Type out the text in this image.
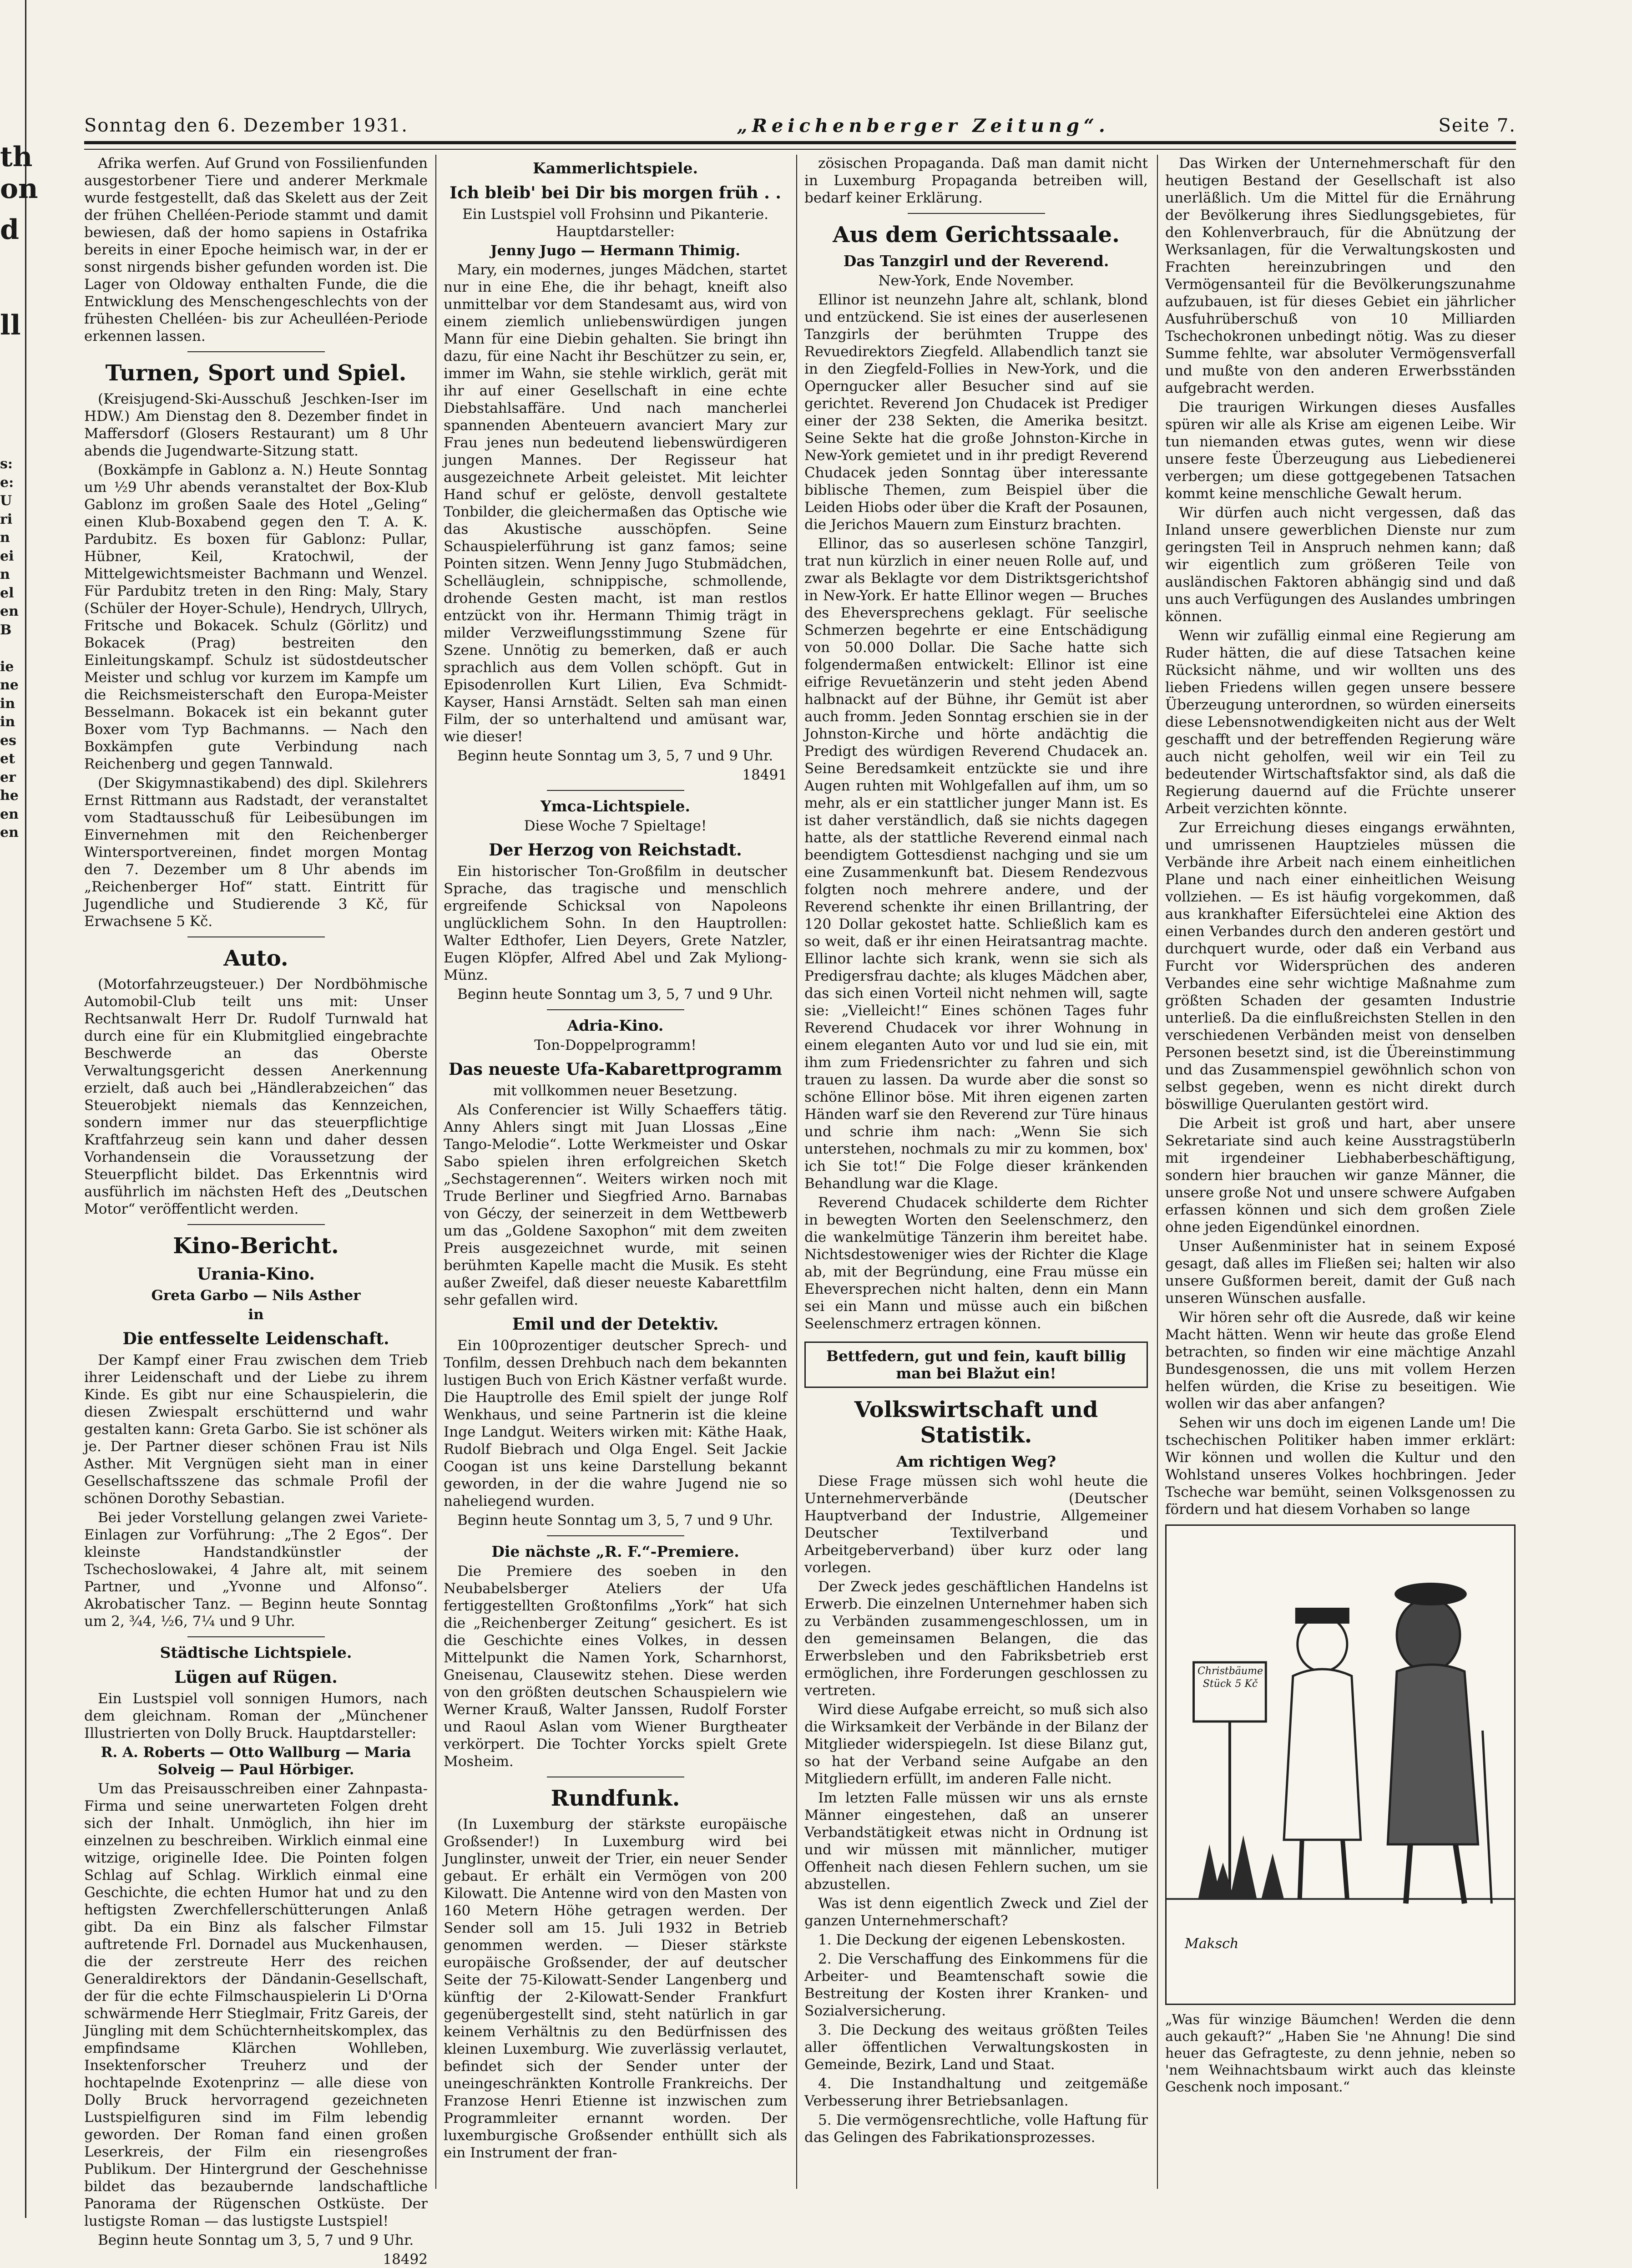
th
on
d

ll
s:
e:
U
ri
n
ei
n
el
en
B

ie
ne
in
in
es
et
er
he
en
en
Sonntag den 6. Dezember 1931.	„Reichenberger Zeitung“.	Seite 7.

Afrika werfen. Auf Grund von Fossilienfunden ausgestorbener Tiere und anderer Merkmale wurde festgestellt, daß das Skelett aus der Zeit der frühen Chelléen-Periode stammt und damit bewiesen, daß der homo sapiens in Ostafrika bereits in einer Epoche heimisch war, in der er sonst nirgends bisher gefunden worden ist. Die Lager von Oldoway enthalten Funde, die die Entwicklung des Menschengeschlechts von der frühesten Chelléen- bis zur Acheulléen-Periode erkennen lassen.

Turnen, Sport und Spiel.

(Kreisjugend-Ski-Ausschuß Jeschken-Iser im HDW.) Am Dienstag den 8. Dezember findet in Maffersdorf (Glosers Restaurant) um 8 Uhr abends die Jugendwarte-Sitzung statt.

(Boxkämpfe in Gablonz a. N.) Heute Sonntag um ½9 Uhr abends veranstaltet der Box-Klub Gablonz im großen Saale des Hotel „Geling“ einen Klub-Boxabend gegen den T. A. K. Pardubitz. Es boxen für Gablonz: Pullar, Hübner, Keil, Kratochwil, der Mittelgewichtsmeister Bachmann und Wenzel. Für Pardubitz treten in den Ring: Maly, Stary (Schüler der Hoyer-Schule), Hendrych, Ullrych, Fritsche und Bokacek. Schulz (Görlitz) und Bokacek (Prag) bestreiten den Einleitungskampf. Schulz ist südostdeutscher Meister und schlug vor kurzem im Kampfe um die Reichsmeisterschaft den Europa-Meister Besselmann. Bokacek ist ein bekannt guter Boxer vom Typ Bachmanns. — Nach den Boxkämpfen gute Verbindung nach Reichenberg und gegen Tannwald.

(Der Skigymnastikabend) des dipl. Skilehrers Ernst Rittmann aus Radstadt, der veranstaltet vom Stadtausschuß für Leibesübungen im Einvernehmen mit den Reichenberger Wintersportvereinen, findet morgen Montag den 7. Dezember um 8 Uhr abends im „Reichenberger Hof“ statt. Eintritt für Jugendliche und Studierende 3 Kč, für Erwachsene 5 Kč.

Auto.

(Motorfahrzeugsteuer.) Der Nordböhmische Automobil-Club teilt uns mit: Unser Rechtsanwalt Herr Dr. Rudolf Turnwald hat durch eine für ein Klubmitglied eingebrachte Beschwerde an das Oberste Verwaltungsgericht dessen Anerkennung erzielt, daß auch bei „Händlerabzeichen“ das Steuerobjekt niemals das Kennzeichen, sondern immer nur das steuerpflichtige Kraftfahrzeug sein kann und daher dessen Vorhandensein die Voraussetzung der Steuerpflicht bildet. Das Erkenntnis wird ausführlich im nächsten Heft des „Deutschen Motor“ veröffentlicht werden.

Kino-Bericht.
Urania-Kino.

Greta Garbo — Nils Asther

in

Die entfesselte Leidenschaft.

Der Kampf einer Frau zwischen dem Trieb ihrer Leidenschaft und der Liebe zu ihrem Kinde. Es gibt nur eine Schauspielerin, die diesen Zwiespalt erschütternd und wahr gestalten kann: Greta Garbo. Sie ist schöner als je. Der Partner dieser schönen Frau ist Nils Asther. Mit Vergnügen sieht man in einer Gesellschaftsszene das schmale Profil der schönen Dorothy Sebastian.

Bei jeder Vorstellung gelangen zwei Variete-Einlagen zur Vorführung: „The 2 Egos“. Der kleinste Handstandkünstler der Tschechoslowakei, 4 Jahre alt, mit seinem Partner, und „Yvonne und Alfonso“. Akrobatischer Tanz. — Beginn heute Sonntag um 2, ¾4, ½6, 7¼ und 9 Uhr.

Städtische Lichtspiele.
Lügen auf Rügen.

Ein Lustspiel voll sonnigen Humors, nach dem gleichnam. Roman der „Münchener Illustrierten von Dolly Bruck. Hauptdarsteller:

R. A. Roberts — Otto Wallburg — Maria Solveig — Paul Hörbiger.

Um das Preisausschreiben einer Zahnpasta-Firma und seine unerwarteten Folgen dreht sich der Inhalt. Unmöglich, ihn hier im einzelnen zu beschreiben. Wirklich einmal eine witzige, originelle Idee. Die Pointen folgen Schlag auf Schlag. Wirklich einmal eine Geschichte, die echten Humor hat und zu den heftigsten Zwerchfellerschütterungen Anlaß gibt. Da ein Binz als falscher Filmstar auftretende Frl. Dornadel aus Muckenhausen, die der zerstreute Herr des reichen Generaldirektors der Dändanin-Gesellschaft, der für die echte Filmschauspielerin Li D'Orna schwärmende Herr Stieglmair, Fritz Gareis, der Jüngling mit dem Schüchternheitskomplex, das empfindsame Klärchen Wohlleben, Insektenforscher Treuherz und der hochtapelnde Exotenprinz — alle diese von Dolly Bruck hervorragend gezeichneten Lustspielfiguren sind im Film lebendig geworden. Der Roman fand einen großen Leserkreis, der Film ein riesengroßes Publikum. Der Hintergrund der Geschehnisse bildet das bezaubernde landschaftliche Panorama der Rügenschen Ostküste. Der lustigste Roman — das lustigste Lustspiel!

Beginn heute Sonntag um 3, 5, 7 und 9 Uhr.

18492

Kammerlichtspiele.
Ich bleib' bei Dir bis morgen früh . .

Ein Lustspiel voll Frohsinn und Pikanterie. Hauptdarsteller:

Jenny Jugo — Hermann Thimig.

Mary, ein modernes, junges Mädchen, startet nur in eine Ehe, die ihr behagt, kneift also unmittelbar vor dem Standesamt aus, wird von einem ziemlich unliebenswürdigen jungen Mann für eine Diebin gehalten. Sie bringt ihn dazu, für eine Nacht ihr Beschützer zu sein, er, immer im Wahn, sie stehle wirklich, gerät mit ihr auf einer Gesellschaft in eine echte Diebstahlsaffäre. Und nach mancherlei spannenden Abenteuern avanciert Mary zur Frau jenes nun bedeutend liebenswürdigeren jungen Mannes. Der Regisseur hat ausgezeichnete Arbeit geleistet. Mit leichter Hand schuf er gelöste, denvoll gestaltete Tonbilder, die gleichermaßen das Optische wie das Akustische ausschöpfen. Seine Schauspielerführung ist ganz famos; seine Pointen sitzen. Wenn Jenny Jugo Stubmädchen, Schelläuglein, schnippische, schmollende, drohende Gesten macht, ist man restlos entzückt von ihr. Hermann Thimig trägt in milder Verzweiflungsstimmung Szene für Szene. Unnötig zu bemerken, daß er auch sprachlich aus dem Vollen schöpft. Gut in Episodenrollen Kurt Lilien, Eva Schmidt-Kayser, Hansi Arnstädt. Selten sah man einen Film, der so unterhaltend und amüsant war, wie dieser!

Beginn heute Sonntag um 3, 5, 7 und 9 Uhr.

18491

Ymca-Lichtspiele.

Diese Woche 7 Spieltage!

Der Herzog von Reichstadt.

Ein historischer Ton-Großfilm in deutscher Sprache, das tragische und menschlich ergreifende Schicksal von Napoleons unglücklichem Sohn. In den Hauptrollen: Walter Edthofer, Lien Deyers, Grete Natzler, Eugen Klöpfer, Alfred Abel und Zak Myliong-Münz.

Beginn heute Sonntag um 3, 5, 7 und 9 Uhr.

Adria-Kino.

Ton-Doppelprogramm!

Das neueste Ufa-Kabarettprogramm

mit vollkommen neuer Besetzung.

Als Conferencier ist Willy Schaeffers tätig. Anny Ahlers singt mit Juan Llossas „Eine Tango-Melodie“. Lotte Werkmeister und Oskar Sabo spielen ihren erfolgreichen Sketch „Sechstagerennen“. Weiters wirken noch mit Trude Berliner und Siegfried Arno. Barnabas von Géczy, der seinerzeit in dem Wettbewerb um das „Goldene Saxophon“ mit dem zweiten Preis ausgezeichnet wurde, mit seinen berühmten Kapelle macht die Musik. Es steht außer Zweifel, daß dieser neueste Kabarettfilm sehr gefallen wird.

Emil und der Detektiv.

Ein 100prozentiger deutscher Sprech- und Tonfilm, dessen Drehbuch nach dem bekannten lustigen Buch von Erich Kästner verfaßt wurde. Die Hauptrolle des Emil spielt der junge Rolf Wenkhaus, und seine Partnerin ist die kleine Inge Landgut. Weiters wirken mit: Käthe Haak, Rudolf Biebrach und Olga Engel. Seit Jackie Coogan ist uns keine Darstellung bekannt geworden, in der die wahre Jugend nie so naheliegend wurden.

Beginn heute Sonntag um 3, 5, 7 und 9 Uhr.

Die nächste „R. F.“-Premiere.

Die Premiere des soeben in den Neubabelsberger Ateliers der Ufa fertiggestellten Großtonfilms „York“ hat sich die „Reichenberger Zeitung“ gesichert. Es ist die Geschichte eines Volkes, in dessen Mittelpunkt die Namen York, Scharnhorst, Gneisenau, Clausewitz stehen. Diese werden von den größten deutschen Schauspielern wie Werner Krauß, Walter Janssen, Rudolf Forster und Raoul Aslan vom Wiener Burgtheater verkörpert. Die Tochter Yorcks spielt Grete Mosheim.

Rundfunk.

(In Luxemburg der stärkste europäische Großsender!) In Luxemburg wird bei Junglinster, unweit der Trier, ein neuer Sender gebaut. Er erhält ein Vermögen von 200 Kilowatt. Die Antenne wird von den Masten von 160 Metern Höhe getragen werden. Der Sender soll am 15. Juli 1932 in Betrieb genommen werden. — Dieser stärkste europäische Großsender, der auf deutscher Seite der 75-Kilowatt-Sender Langenberg und künftig der 2-Kilowatt-Sender Frankfurt gegenübergestellt sind, steht natürlich in gar keinem Verhältnis zu den Bedürfnissen des kleinen Luxemburg. Wie zuverlässig verlautet, befindet sich der Sender unter der uneingeschränkten Kontrolle Frankreichs. Der Franzose Henri Etienne ist inzwischen zum Programmleiter ernannt worden. Der luxemburgische Großsender enthüllt sich als ein Instrument der fran-

zösischen Propaganda. Daß man damit nicht in Luxemburg Propaganda betreiben will, bedarf keiner Erklärung.

Aus dem Gerichtssaale.
Das Tanzgirl und der Reverend.

New-York, Ende November.

Ellinor ist neunzehn Jahre alt, schlank, blond und entzückend. Sie ist eines der auserlesenen Tanzgirls der berühmten Truppe des Revuedirektors Ziegfeld. Allabendlich tanzt sie in den Ziegfeld-Follies in New-York, und die Operngucker aller Besucher sind auf sie gerichtet. Reverend Jon Chudacek ist Prediger einer der 238 Sekten, die Amerika besitzt. Seine Sekte hat die große Johnston-Kirche in New-York gemietet und in ihr predigt Reverend Chudacek jeden Sonntag über interessante biblische Themen, zum Beispiel über die Leiden Hiobs oder über die Kraft der Posaunen, die Jerichos Mauern zum Einsturz brachten.

Ellinor, das so auserlesen schöne Tanzgirl, trat nun kürzlich in einer neuen Rolle auf, und zwar als Beklagte vor dem Distriktsgerichtshof in New-York. Er hatte Ellinor wegen — Bruches des Eheversprechens geklagt. Für seelische Schmerzen begehrte er eine Entschädigung von 50.000 Dollar. Die Sache hatte sich folgendermaßen entwickelt: Ellinor ist eine eifrige Revuetänzerin und steht jeden Abend halbnackt auf der Bühne, ihr Gemüt ist aber auch fromm. Jeden Sonntag erschien sie in der Johnston-Kirche und hörte andächtig die Predigt des würdigen Reverend Chudacek an. Seine Beredsamkeit entzückte sie und ihre Augen ruhten mit Wohlgefallen auf ihm, um so mehr, als er ein stattlicher junger Mann ist. Es ist daher verständlich, daß sie nichts dagegen hatte, als der stattliche Reverend einmal nach beendigtem Gottesdienst nachging und sie um eine Zusammenkunft bat. Diesem Rendezvous folgten noch mehrere andere, und der Reverend schenkte ihr einen Brillantring, der 120 Dollar gekostet hatte. Schließlich kam es so weit, daß er ihr einen Heiratsantrag machte. Ellinor lachte sich krank, wenn sie sich als Predigersfrau dachte; als kluges Mädchen aber, das sich einen Vorteil nicht nehmen will, sagte sie: „Vielleicht!“ Eines schönen Tages fuhr Reverend Chudacek vor ihrer Wohnung in einem eleganten Auto vor und lud sie ein, mit ihm zum Friedensrichter zu fahren und sich trauen zu lassen. Da wurde aber die sonst so schöne Ellinor böse. Mit ihren eigenen zarten Händen warf sie den Reverend zur Türe hinaus und schrie ihm nach: „Wenn Sie sich unterstehen, nochmals zu mir zu kommen, box' ich Sie tot!“ Die Folge dieser kränkenden Behandlung war die Klage.

Reverend Chudacek schilderte dem Richter in bewegten Worten den Seelenschmerz, den die wankelmütige Tänzerin ihm bereitet habe. Nichtsdestoweniger wies der Richter die Klage ab, mit der Begründung, eine Frau müsse ein Eheversprechen nicht halten, denn ein Mann sei ein Mann und müsse auch ein bißchen Seelenschmerz ertragen können.

Bettfedern, gut und fein, kauft billig man bei Blažut ein!
Volkswirtschaft und Statistik.
Am richtigen Weg?

Diese Frage müssen sich wohl heute die Unternehmerverbände (Deutscher Hauptverband der Industrie, Allgemeiner Deutscher Textilverband und Arbeitgeberverband) über kurz oder lang vorlegen.

Der Zweck jedes geschäftlichen Handelns ist Erwerb. Die einzelnen Unternehmer haben sich zu Verbänden zusammengeschlossen, um in den gemeinsamen Belangen, die das Erwerbsleben und den Fabriksbetrieb erst ermöglichen, ihre Forderungen geschlossen zu vertreten.

Wird diese Aufgabe erreicht, so muß sich also die Wirksamkeit der Verbände in der Bilanz der Mitglieder widerspiegeln. Ist diese Bilanz gut, so hat der Verband seine Aufgabe an den Mitgliedern erfüllt, im anderen Falle nicht.

Im letzten Falle müssen wir uns als ernste Männer eingestehen, daß an unserer Verbandstätigkeit etwas nicht in Ordnung ist und wir müssen mit männlicher, mutiger Offenheit nach diesen Fehlern suchen, um sie abzustellen.

Was ist denn eigentlich Zweck und Ziel der ganzen Unternehmerschaft?

1. Die Deckung der eigenen Lebenskosten.

2. Die Verschaffung des Einkommens für die Arbeiter- und Beamtenschaft sowie die Bestreitung der Kosten ihrer Kranken- und Sozialversicherung.

3. Die Deckung des weitaus größten Teiles aller öffentlichen Verwaltungskosten in Gemeinde, Bezirk, Land und Staat.

4. Die Instandhaltung und zeitgemäße Verbesserung ihrer Betriebsanlagen.

5. Die vermögensrechtliche, volle Haftung für das Gelingen des Fabrikationsprozesses.

Das Wirken der Unternehmerschaft für den heutigen Bestand der Gesellschaft ist also unerläßlich. Um die Mittel für die Ernährung der Bevölkerung ihres Siedlungsgebietes, für den Kohlenverbrauch, für die Abnützung der Werksanlagen, für die Verwaltungskosten und Frachten hereinzubringen und den Vermögensanteil für die Bevölkerungszunahme aufzubauen, ist für dieses Gebiet ein jährlicher Ausfuhrüberschuß von 10 Milliarden Tschechokronen unbedingt nötig. Was zu dieser Summe fehlte, war absoluter Vermögensverfall und mußte von den anderen Erwerbsständen aufgebracht werden.

Die traurigen Wirkungen dieses Ausfalles spüren wir alle als Krise am eigenen Leibe. Wir tun niemanden etwas gutes, wenn wir diese unsere feste Überzeugung aus Liebedienerei verbergen; um diese gottgegebenen Tatsachen kommt keine menschliche Gewalt herum.

Wir dürfen auch nicht vergessen, daß das Inland unsere gewerblichen Dienste nur zum geringsten Teil in Anspruch nehmen kann; daß wir eigentlich zum größeren Teile von ausländischen Faktoren abhängig sind und daß uns auch Verfügungen des Auslandes umbringen können.

Wenn wir zufällig einmal eine Regierung am Ruder hätten, die auf diese Tatsachen keine Rücksicht nähme, und wir wollten uns des lieben Friedens willen gegen unsere bessere Überzeugung unterordnen, so würden einerseits diese Lebensnotwendigkeiten nicht aus der Welt geschafft und der betreffenden Regierung wäre auch nicht geholfen, weil wir ein Teil zu bedeutender Wirtschaftsfaktor sind, als daß die Regierung dauernd auf die Früchte unserer Arbeit verzichten könnte.

Zur Erreichung dieses eingangs erwähnten, und umrissenen Hauptzieles müssen die Verbände ihre Arbeit nach einem einheitlichen Plane und nach einer einheitlichen Weisung vollziehen. — Es ist häufig vorgekommen, daß aus krankhafter Eifersüchtelei eine Aktion des einen Verbandes durch den anderen gestört und durchquert wurde, oder daß ein Verband aus Furcht vor Widersprüchen des anderen Verbandes eine sehr wichtige Maßnahme zum größten Schaden der gesamten Industrie unterließ. Da die einflußreichsten Stellen in den verschiedenen Verbänden meist von denselben Personen besetzt sind, ist die Übereinstimmung und das Zusammenspiel gewöhnlich schon von selbst gegeben, wenn es nicht direkt durch böswillige Querulanten gestört wird.

Die Arbeit ist groß und hart, aber unsere Sekretariate sind auch keine Ausstragstüberln mit irgendeiner Liebhaberbeschäftigung, sondern hier brauchen wir ganze Männer, die unsere große Not und unsere schwere Aufgaben erfassen können und sich dem großen Ziele ohne jeden Eigendünkel einordnen.

Unser Außenminister hat in seinem Exposé gesagt, daß alles im Fließen sei; halten wir also unsere Gußformen bereit, damit der Guß nach unseren Wünschen ausfalle.

Wir hören sehr oft die Ausrede, daß wir keine Macht hätten. Wenn wir heute das große Elend betrachten, so finden wir eine mächtige Anzahl Bundesgenossen, die uns mit vollem Herzen helfen würden, die Krise zu beseitigen. Wie wollen wir das aber anfangen?

Sehen wir uns doch im eigenen Lande um! Die tschechischen Politiker haben immer erklärt: Wir können und wollen die Kultur und den Wohlstand unseres Volkes hochbringen. Jeder Tscheche war bemüht, seinen Volksgenossen zu fördern und hat diesem Vorhaben so lange

Christbäume
Stück 5 Kč
Maksch
„Was für winzige Bäumchen! Werden die denn auch gekauft?“ „Haben Sie 'ne Ahnung! Die sind heuer das Gefragteste, zu denn jehnie, neben so 'nem Weihnachtsbaum wirkt auch das kleinste Geschenk noch imposant.“
